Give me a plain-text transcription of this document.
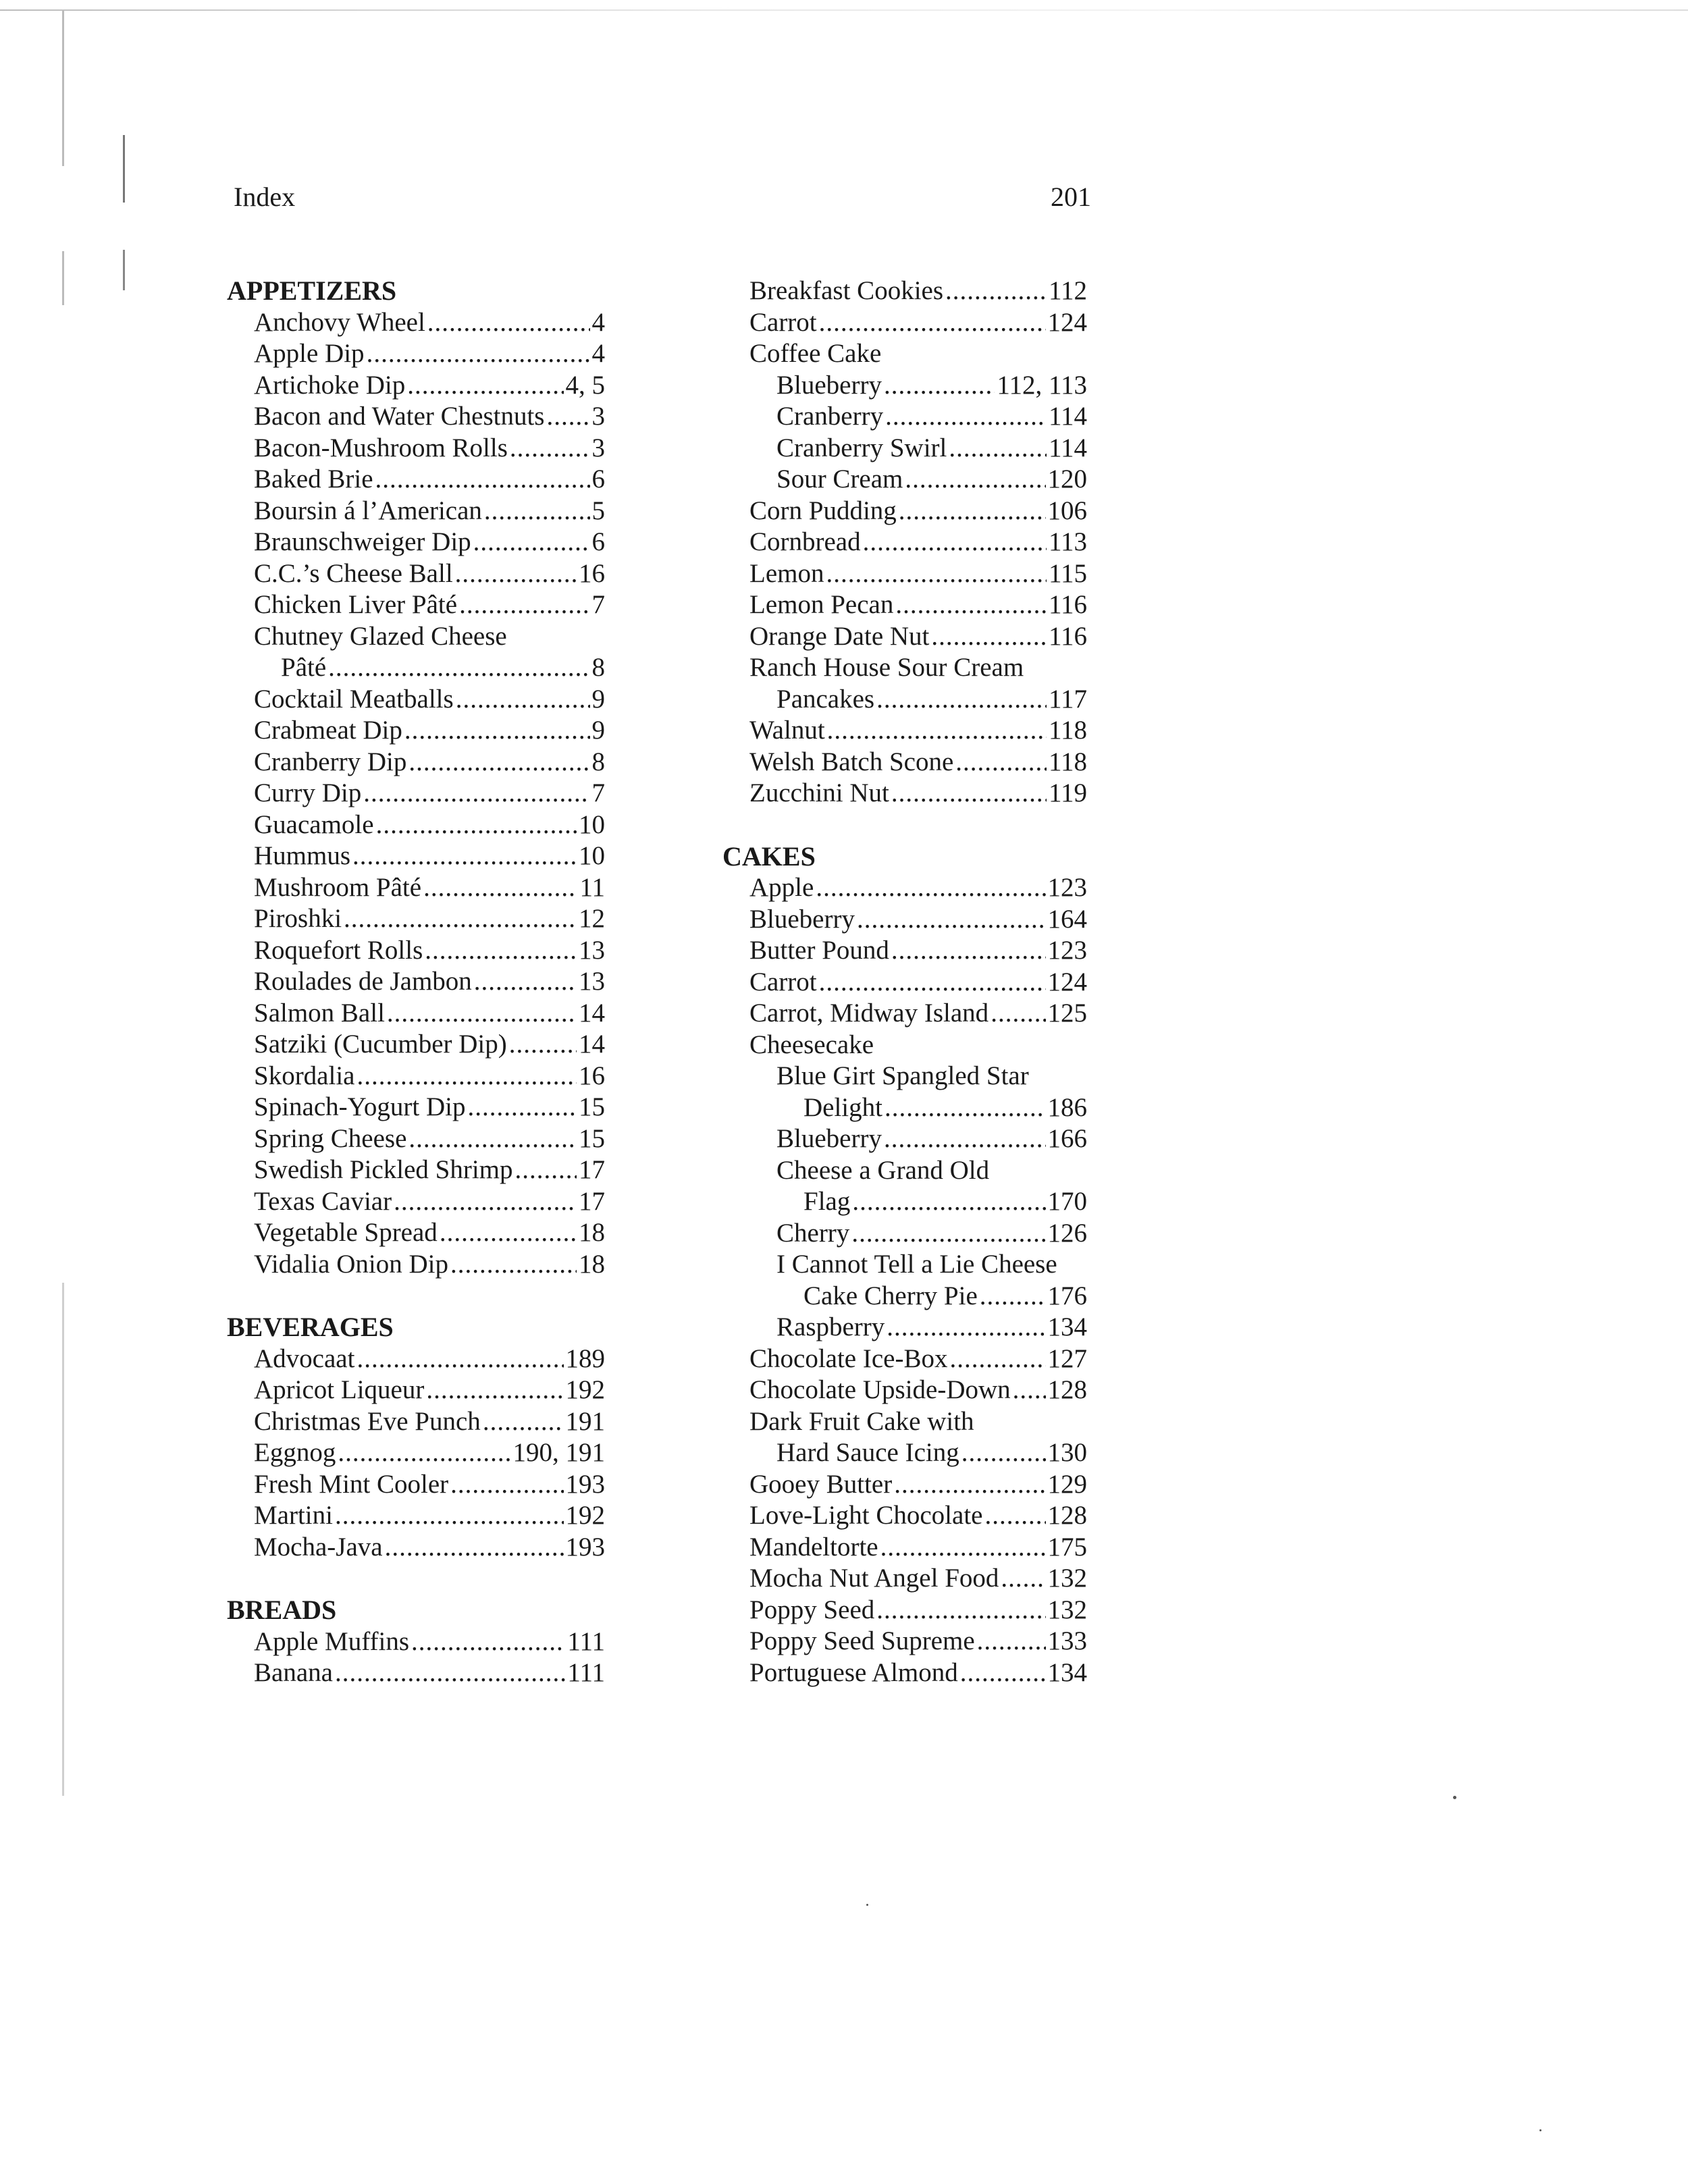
Index	201
APPETIZERS
Anchovy Wheel .....	4
Apple Dip .....	4
Artichoke Dip .....	4, 5
Bacon and Water Chestnuts ..... 3
Bacon-Mushroom Rolls .....	3
Baked Brie .....	6
Boursin á l’American .....	5
Braunschweiger Dip .....	6
C.C.’s Cheese Ball .....	16
Chicken Liver Pâté .....	7
Chutney Glazed Cheese
Pâté .....	8
Cocktail Meatballs .....	9
Crabmeat Dip .....	9
Cranberry Dip .....	8
Curry Dip .....	7
Guacamole .....	10
Hummus .....	10
Mushroom Pâté .....	11
Piroshki .....	12
Roquefort Rolls .....	13
Roulades de Jambon .....	13
Salmon Ball .....	14
Satziki (Cucumber Dip) .....	14
Skordalia .....	16
Spinach-Yogurt Dip .....	15
Spring Cheese .....	15
Swedish Pickled Shrimp ..... 17
Texas Caviar .....	17
Vegetable Spread .....	18
Vidalia Onion Dip .....	18
BEVERAGES
Advocaat .....	189
Apricot Liqueur .....	192
Christmas Eve Punch .....	191
Eggnog .....	190, 191
Fresh Mint Cooler .....	193
Martini .....	192
Mocha-Java .....	193
BREADS
Apple Muffins .....	111
Banana .....	111
Breakfast Cookies .....	112
Carrot .....	124
Coffee Cake
Blueberry .....	112, 113
Cranberry .....	114
Cranberry Swirl .....	114
Sour Cream .....	120
Corn Pudding .....	106
Cornbread .....	113
Lemon .....	115
Lemon Pecan .....	116
Orange Date Nut .....	116
Ranch House Sour Cream
Pancakes .....	117
Walnut .....	118
Welsh Batch Scone .....	118
Zucchini Nut .....	119
CAKES
Apple .....	123
Blueberry .....	164
Butter Pound .....	123
Carrot .....	124
Carrot, Midway Island ..... 125
Cheesecake
Blue Girt Spangled Star
Delight .....	186
Blueberry .....	166
Cheese a Grand Old
Flag .....	170
Cherry .....	126
I Cannot Tell a Lie Cheese
Cake Cherry Pie .....	176
Raspberry .....	134
Chocolate Ice-Box .....	127
Chocolate Upside-Down ..... 128
Dark Fruit Cake with
Hard Sauce Icing .....	130
Gooey Butter .....	129
Love-Light Chocolate ..... 128
Mandeltorte .....	175
Mocha Nut Angel Food ..... 132
Poppy Seed .....	132
Poppy Seed Supreme .....	133
Portuguese Almond .....	134
